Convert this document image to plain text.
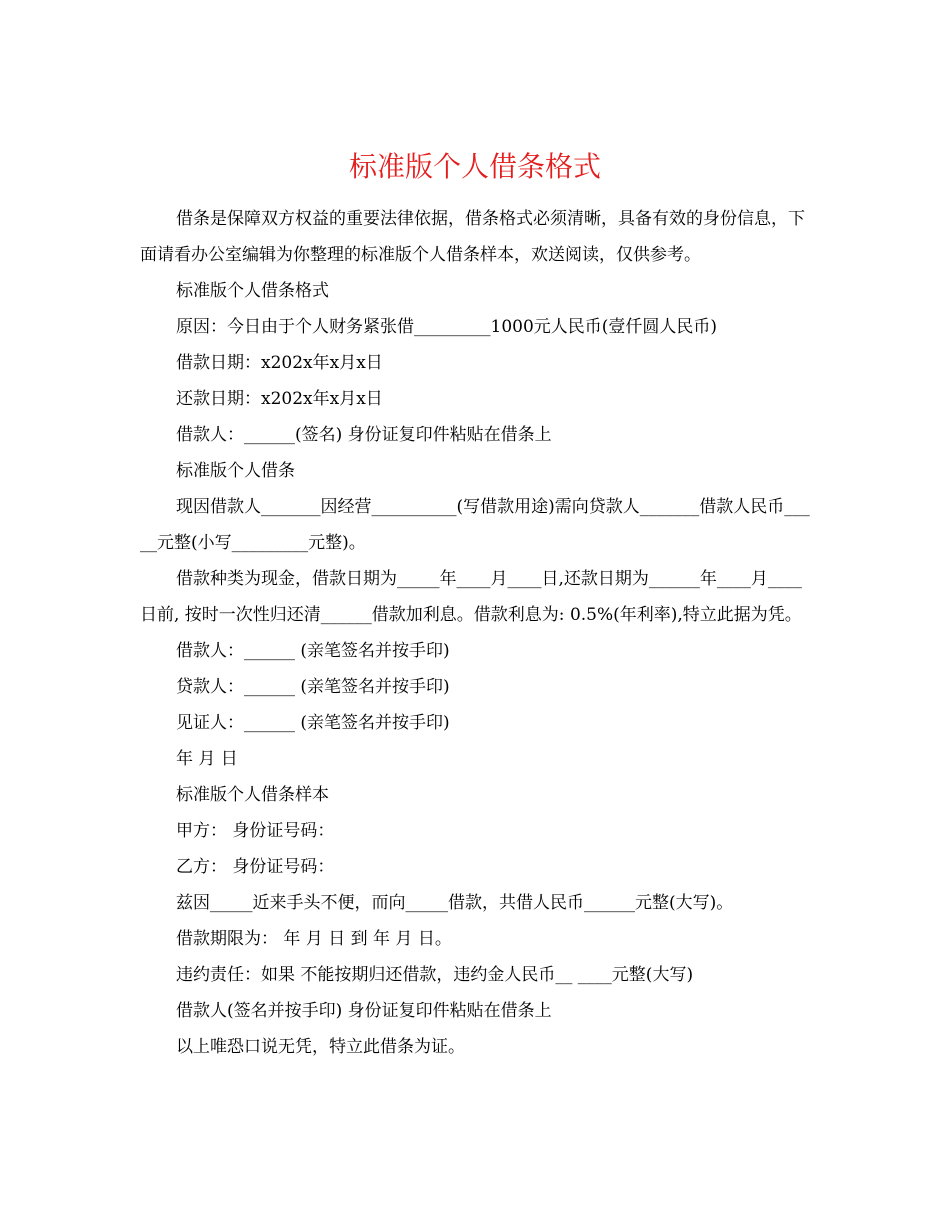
标准版个人借条格式

借条是保障双方权益的重要法律依据，借条格式必须清晰，具备有效的身份信息，下面请看办公室编辑为你整理的标准版个人借条样本，欢送阅读，仅供参考。

标准版个人借条格式

原因：今日由于个人财务紧张借_________1000元人民币(壹仟圆人民币)

借款日期：x202x年x月x日

还款日期：x202x年x月x日

借款人：______(签名) 身份证复印件粘贴在借条上

标准版个人借条

现因借款人_______因经营__________(写借款用途)需向贷款人_______借款人民币_____元整(小写_________元整)。

借款种类为现金，借款日期为_____年____月____日,还款日期为______年____月____日前, 按时一次性归还清______借款加利息。借款利息为: 0.5%(年利率),特立此据为凭。

借款人：______ (亲笔签名并按手印)

贷款人：______ (亲笔签名并按手印)

见证人：______ (亲笔签名并按手印)

年 月 日

标准版个人借条样本

甲方： 身份证号码：

乙方： 身份证号码：

兹因_____近来手头不便，而向_____借款，共借人民币______元整(大写)。

借款期限为： 年 月 日 到 年 月 日。

违约责任：如果 不能按期归还借款，违约金人民币__ ____元整(大写)

借款人(签名并按手印) 身份证复印件粘贴在借条上

以上唯恐口说无凭，特立此借条为证。
